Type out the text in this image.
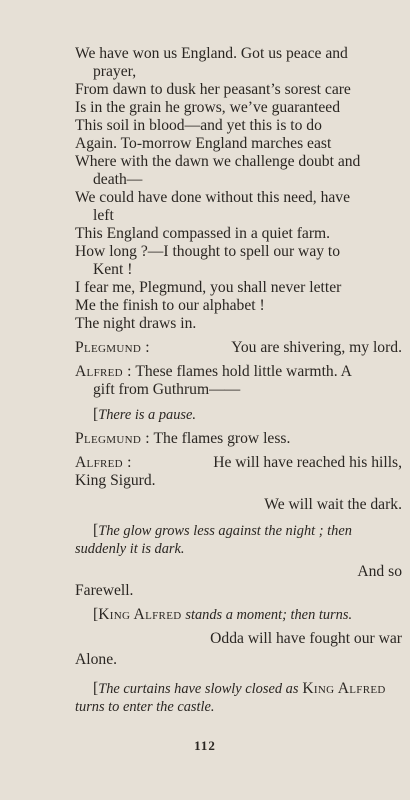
We have won us England. Got us peace and
prayer,
From dawn to dusk her peasant’s sorest care
Is in the grain he grows, we’ve guaranteed
This soil in blood—and yet this is to do
Again. To-morrow England marches east
Where with the dawn we challenge doubt and
death—
We could have done without this need, have
left
This England compassed in a quiet farm.
How long ?—I thought to spell our way to
Kent !
I fear me, Plegmund, you shall never letter
Me the finish to our alphabet !
The night draws in.
Plegmund :	You are shivering, my lord.
Alfred : These flames hold little warmth. A
gift from Guthrum——
[There is a pause.
Plegmund : The flames grow less.
Alfred :	He will have reached his hills,
King Sigurd.
We will wait the dark.
[The glow grows less against the night ; then
suddenly it is dark.
And so
Farewell.
[King Alfred stands a moment; then turns.
Odda will have fought our war
Alone.
[The curtains have slowly closed as King Alfred
turns to enter the castle.
112
